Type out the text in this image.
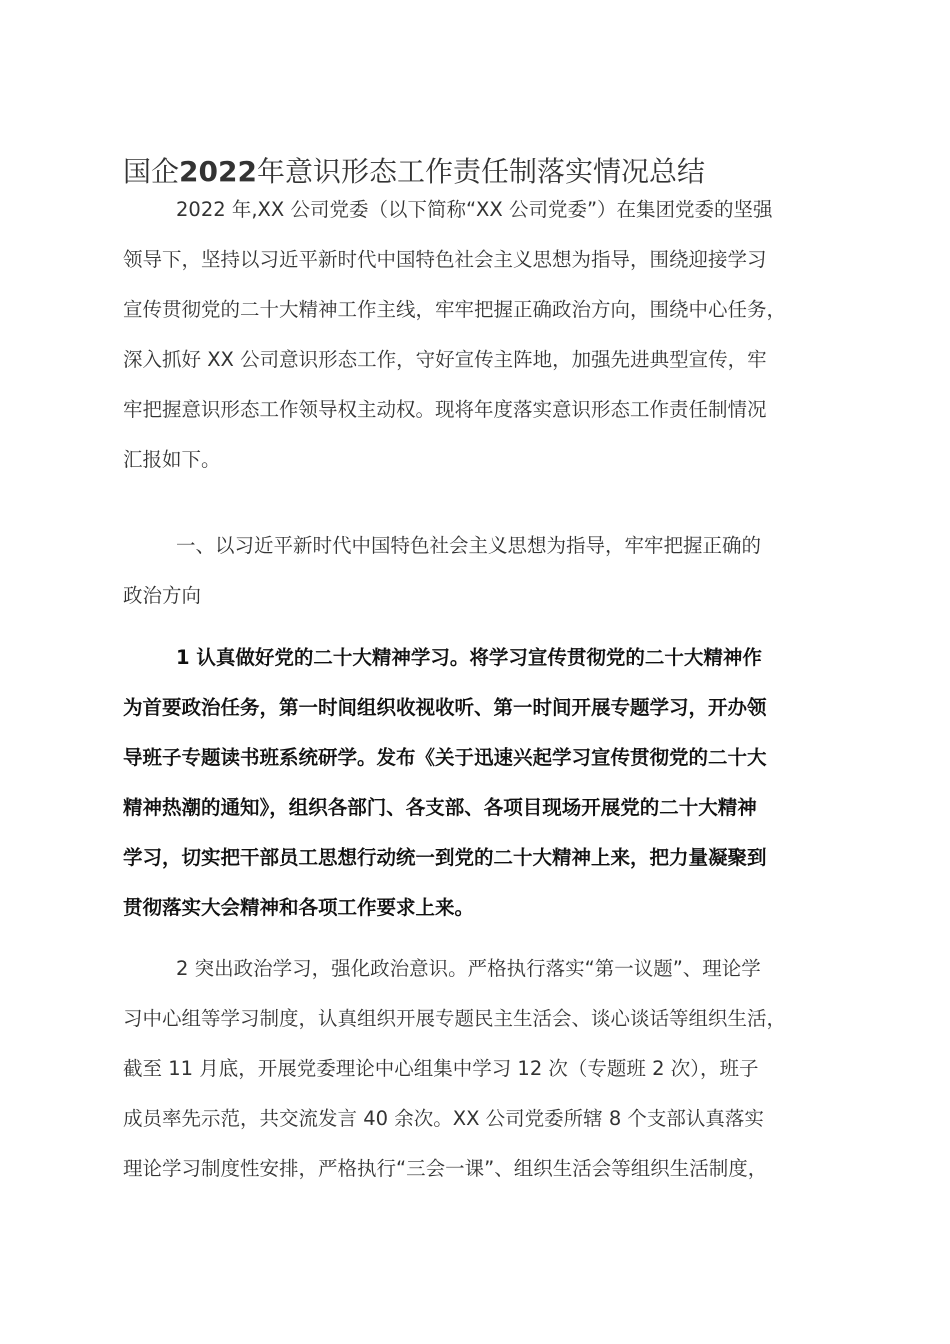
国企2022年意识形态工作责任制落实情况总结
2022 年,XX 公司党委（以下简称“XX 公司党委”）在集团党委的坚强
领导下，坚持以习近平新时代中国特色社会主义思想为指导，围绕迎接学习
宣传贯彻党的二十大精神工作主线，牢牢把握正确政治方向，围绕中心任务，
深入抓好 XX 公司意识形态工作，守好宣传主阵地，加强先进典型宣传，牢
牢把握意识形态工作领导权主动权。现将年度落实意识形态工作责任制情况
汇报如下。
一、以习近平新时代中国特色社会主义思想为指导，牢牢把握正确的
政治方向
1 认真做好党的二十大精神学习。将学习宣传贯彻党的二十大精神作
为首要政治任务，第一时间组织收视收听、第一时间开展专题学习，开办领
导班子专题读书班系统研学。发布《关于迅速兴起学习宣传贯彻党的二十大
精神热潮的通知》，组织各部门、各支部、各项目现场开展党的二十大精神
学习，切实把干部员工思想行动统一到党的二十大精神上来，把力量凝聚到
贯彻落实大会精神和各项工作要求上来。
2 突出政治学习，强化政治意识。严格执行落实“第一议题”、理论学
习中心组等学习制度，认真组织开展专题民主生活会、谈心谈话等组织生活，
截至 11 月底，开展党委理论中心组集中学习 12 次（专题班 2 次），班子
成员率先示范，共交流发言 40 余次。XX 公司党委所辖 8 个支部认真落实
理论学习制度性安排，严格执行“三会一课”、组织生活会等组织生活制度，
